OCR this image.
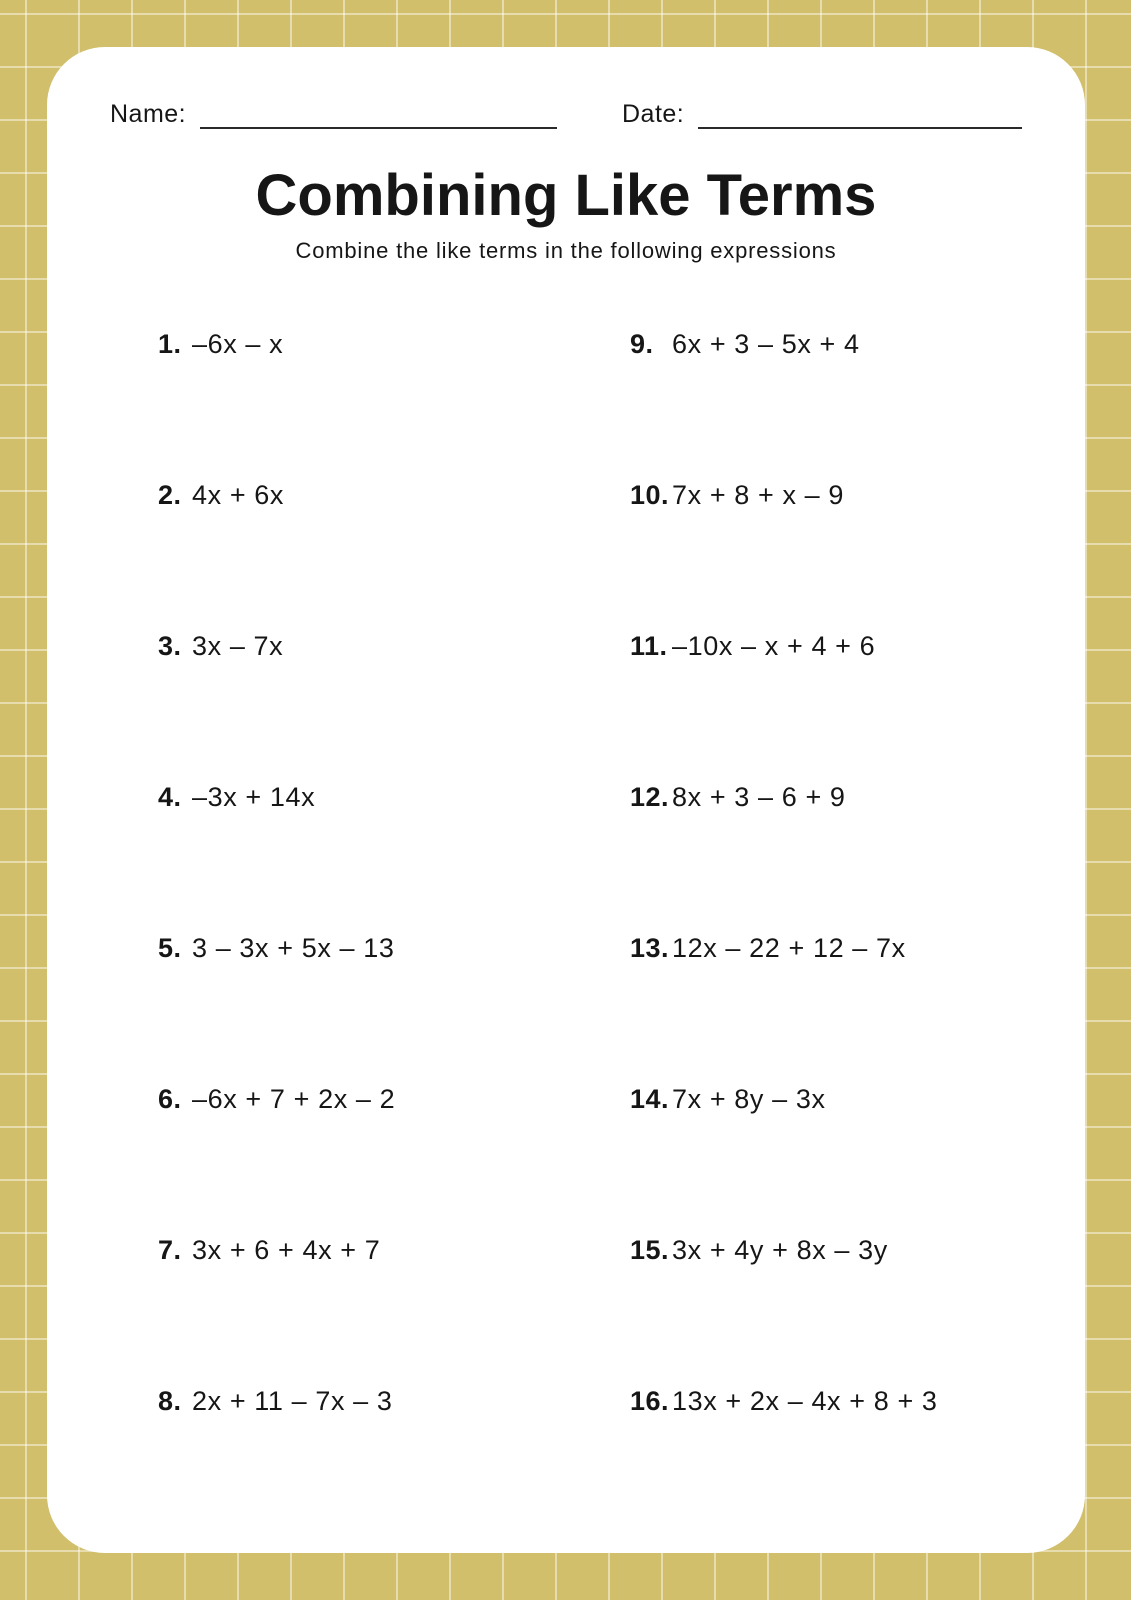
Name:	Date:
Combining Like Terms
Combine the like terms in the following expressions
1. –6x – x
2. 4x + 6x
3. 3x – 7x
4. –3x + 14x
5. 3 – 3x + 5x – 13
6. –6x + 7 + 2x – 2
7. 3x + 6 + 4x + 7
8. 2x + 11 – 7x – 3
9. 6x + 3 – 5x + 4
10. 7x + 8 + x – 9
11. –10x – x + 4 + 6
12. 8x + 3 – 6 + 9
13. 12x – 22 + 12 – 7x
14. 7x + 8y – 3x
15. 3x + 4y + 8x – 3y
16. 13x + 2x – 4x + 8 + 3
